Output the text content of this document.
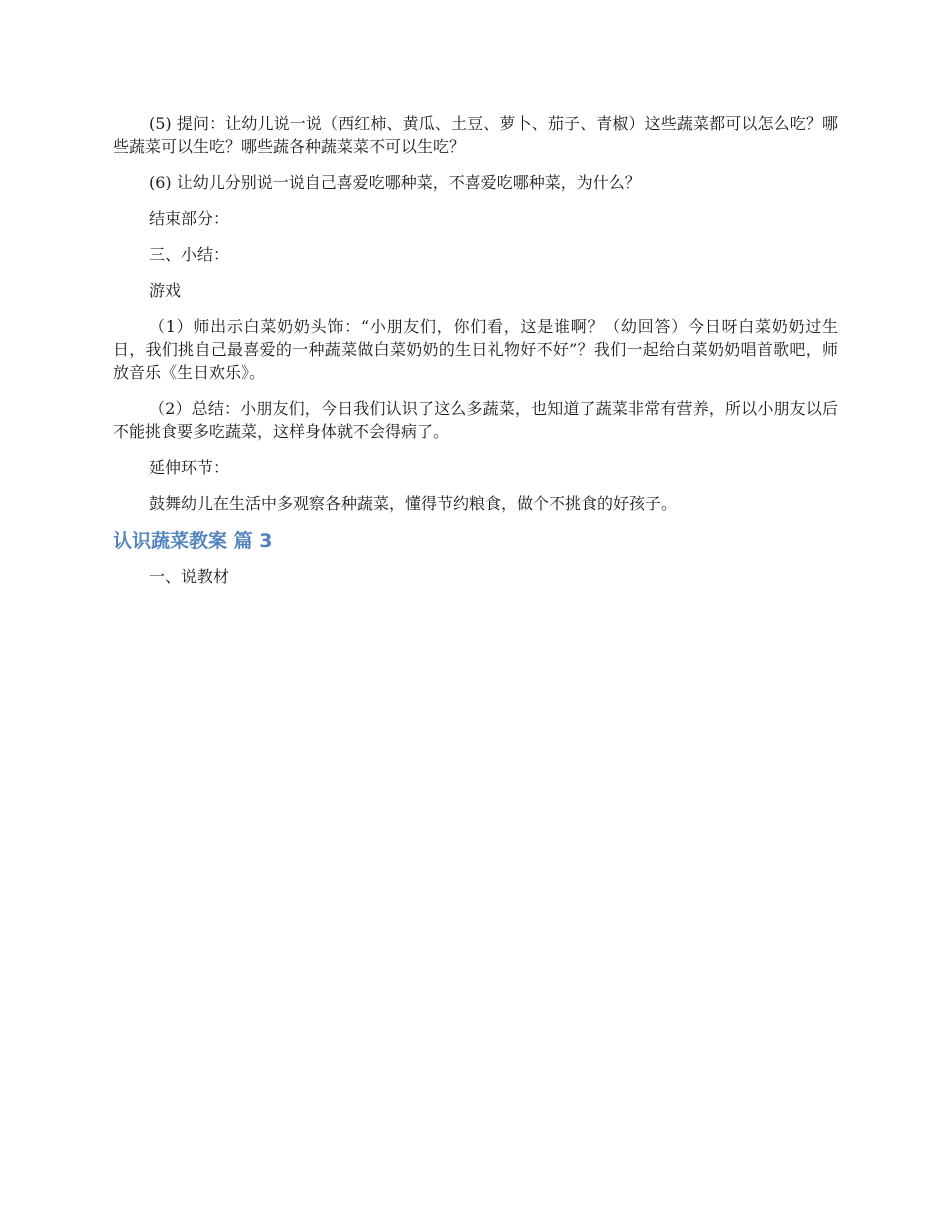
(5) 提问：让幼儿说一说（西红柿、黄瓜、土豆、萝卜、茄子、青椒）这些蔬菜都可以怎么吃？哪些蔬菜可以生吃？哪些蔬各种蔬菜菜不可以生吃？

(6) 让幼儿分别说一说自己喜爱吃哪种菜，不喜爱吃哪种菜，为什么？

结束部分：

三、小结：

游戏

（1）师出示白菜奶奶头饰：“小朋友们，你们看，这是谁啊？（幼回答）今日呀白菜奶奶过生日，我们挑自己最喜爱的一种蔬菜做白菜奶奶的生日礼物好不好”？我们一起给白菜奶奶唱首歌吧，师放音乐《生日欢乐》。

（2）总结：小朋友们，今日我们认识了这么多蔬菜，也知道了蔬菜非常有营养，所以小朋友以后不能挑食要多吃蔬菜，这样身体就不会得病了。

延伸环节：

鼓舞幼儿在生活中多观察各种蔬菜，懂得节约粮食，做个不挑食的好孩子。

认识蔬菜教案 篇 3

一、说教材
